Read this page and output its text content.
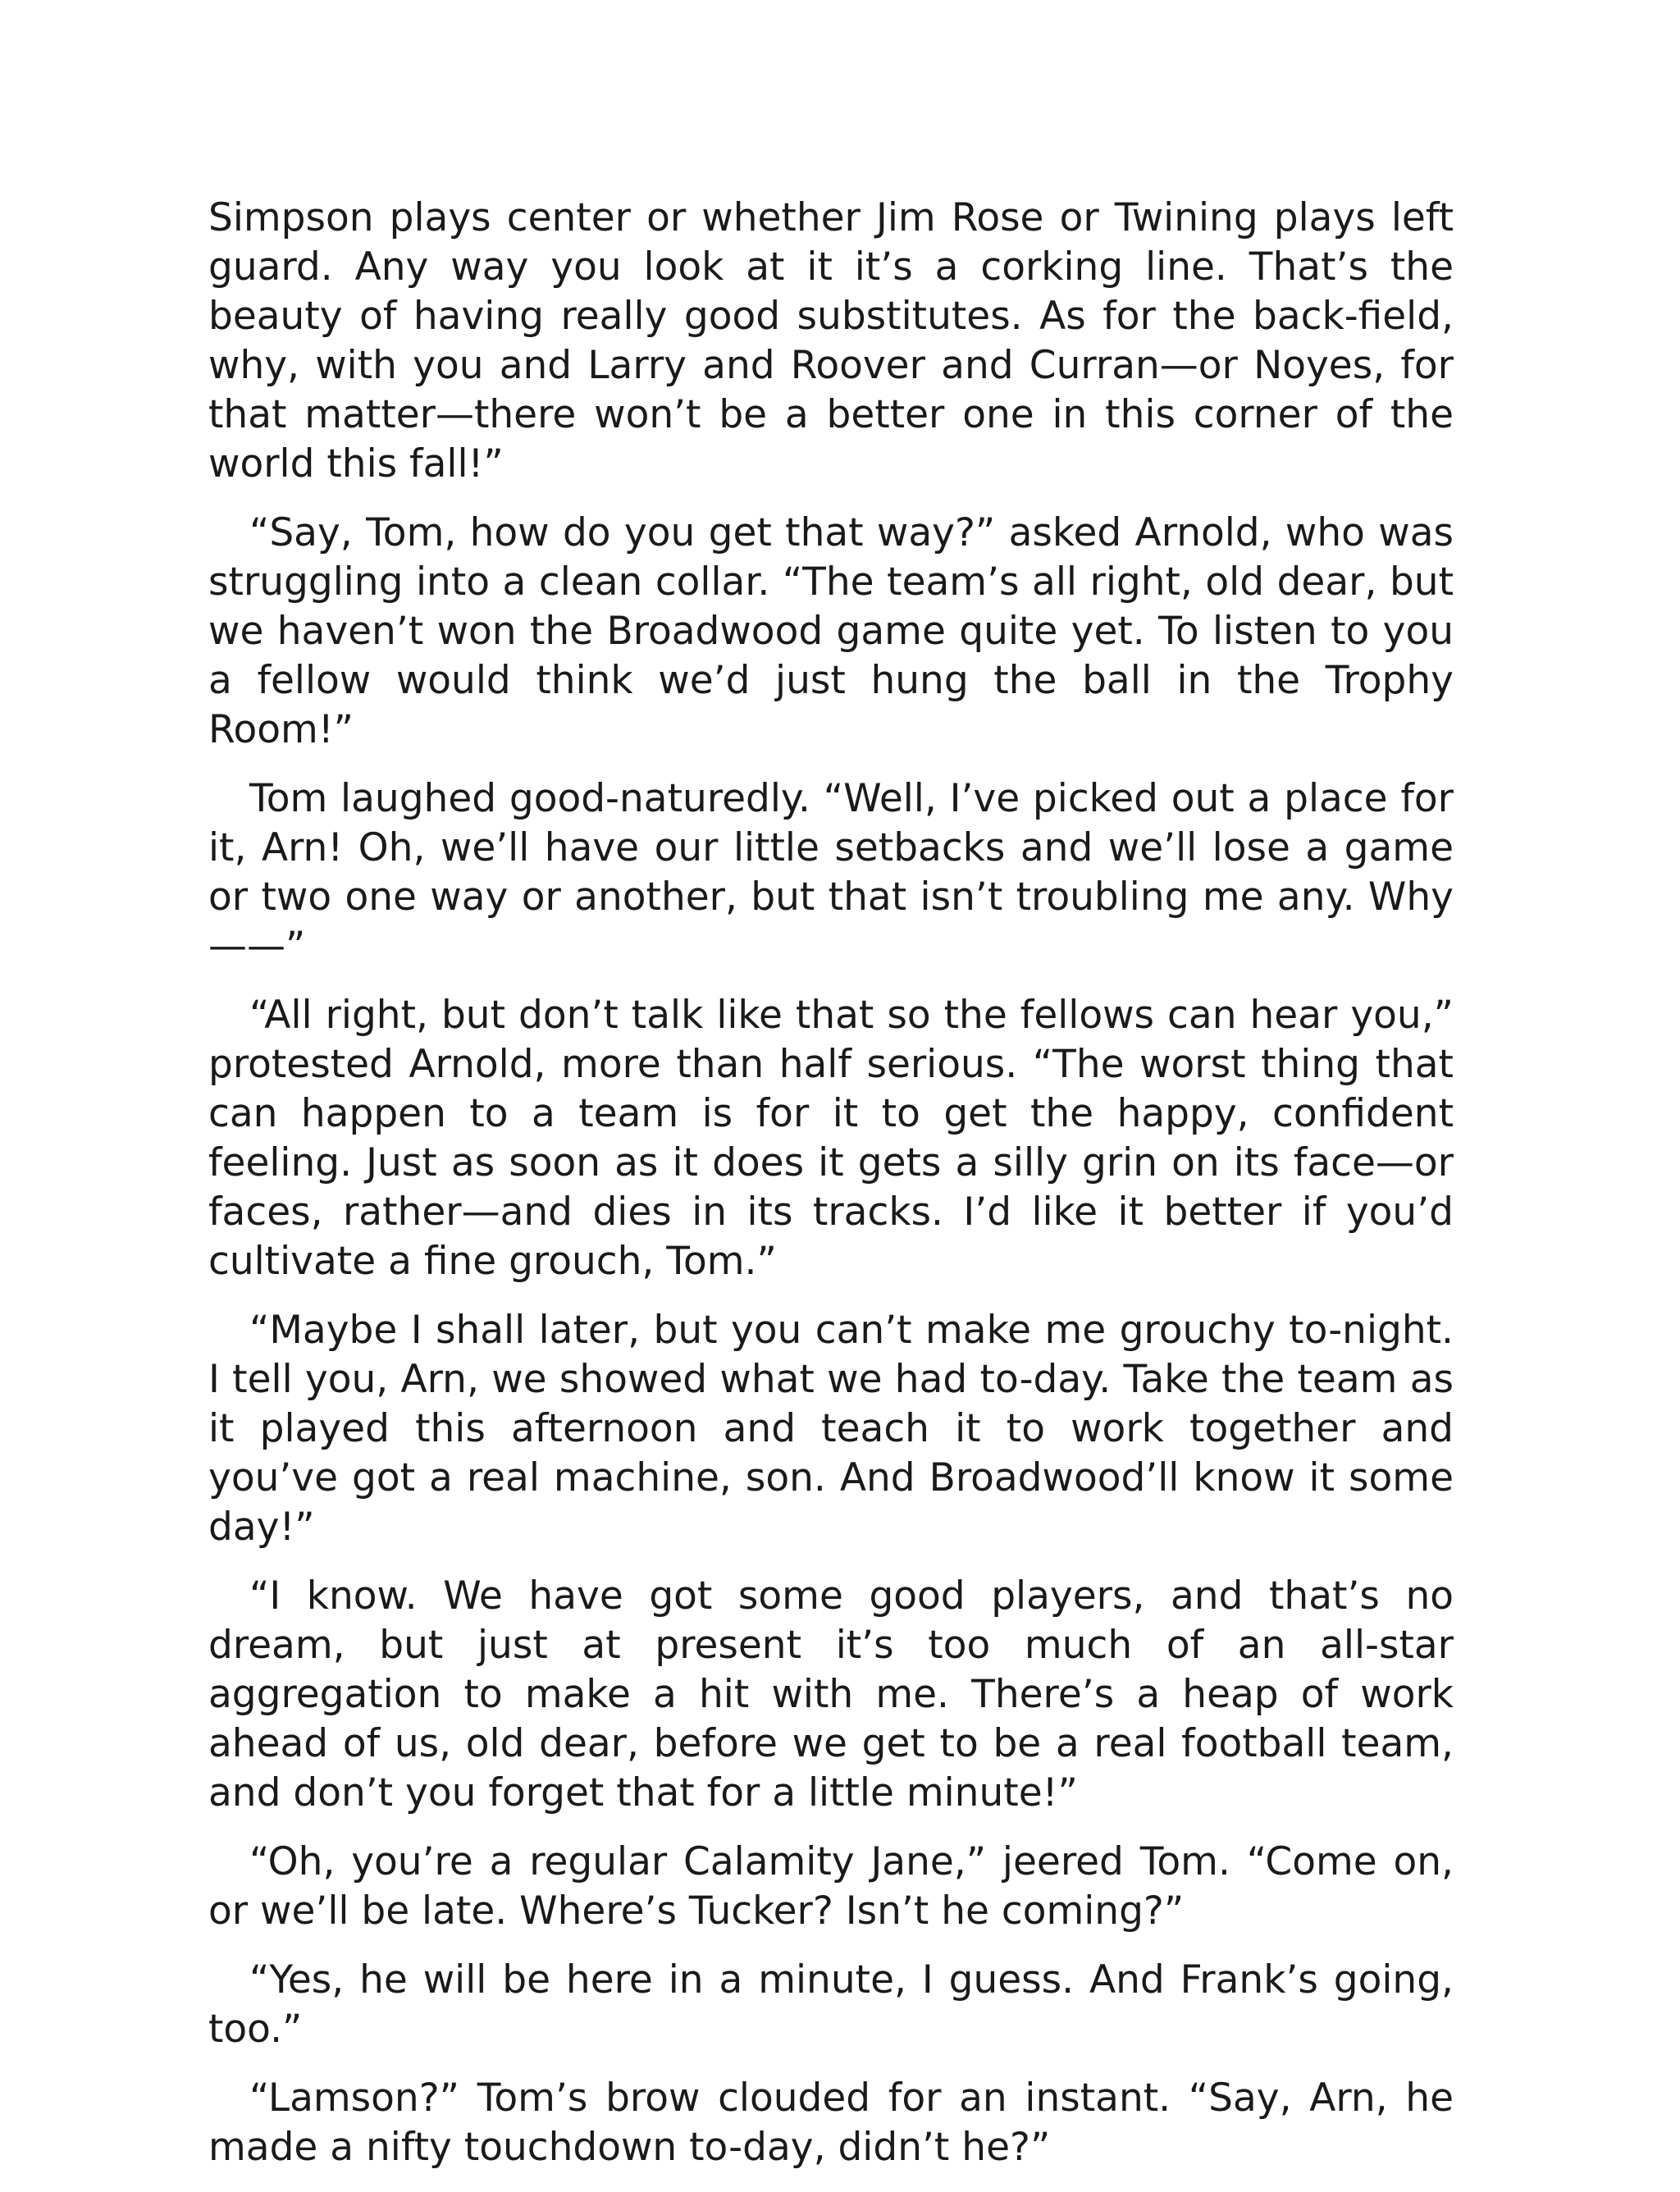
Simpson plays center or whether Jim Rose or Twining plays left guard. Any way you look at it it’s a corking line. That’s the beauty of having really good substitutes. As for the back-field, why, with you and Larry and Roover and Curran—or Noyes, for that matter—there won’t be a better one in this corner of the world this fall!”

“Say, Tom, how do you get that way?” asked Arnold, who was struggling into a clean collar. “The team’s all right, old dear, but we haven’t won the Broadwood game quite yet. To listen to you a fellow would think we’d just hung the ball in the Trophy Room!”

Tom laughed good-naturedly. “Well, I’ve picked out a place for it, Arn! Oh, we’ll have our little setbacks and we’ll lose a game or two one way or another, but that isn’t troubling me any. Why——”

“All right, but don’t talk like that so the fellows can hear you,” protested Arnold, more than half serious. “The worst thing that can happen to a team is for it to get the happy, confident feeling. Just as soon as it does it gets a silly grin on its face—or faces, rather—and dies in its tracks. I’d like it better if you’d cultivate a fine grouch, Tom.”

“Maybe I shall later, but you can’t make me grouchy to-night. I tell you, Arn, we showed what we had to-day. Take the team as it played this afternoon and teach it to work together and you’ve got a real machine, son. And Broadwood’ll know it some day!”

“I know. We have got some good players, and that’s no dream, but just at present it’s too much of an all-star aggregation to make a hit with me. There’s a heap of work ahead of us, old dear, before we get to be a real football team, and don’t you forget that for a little minute!”

“Oh, you’re a regular Calamity Jane,” jeered Tom. “Come on, or we’ll be late. Where’s Tucker? Isn’t he coming?”

“Yes, he will be here in a minute, I guess. And Frank’s going, too.”

“Lamson?” Tom’s brow clouded for an instant. “Say, Arn, he made a nifty touchdown to-day, didn’t he?”
